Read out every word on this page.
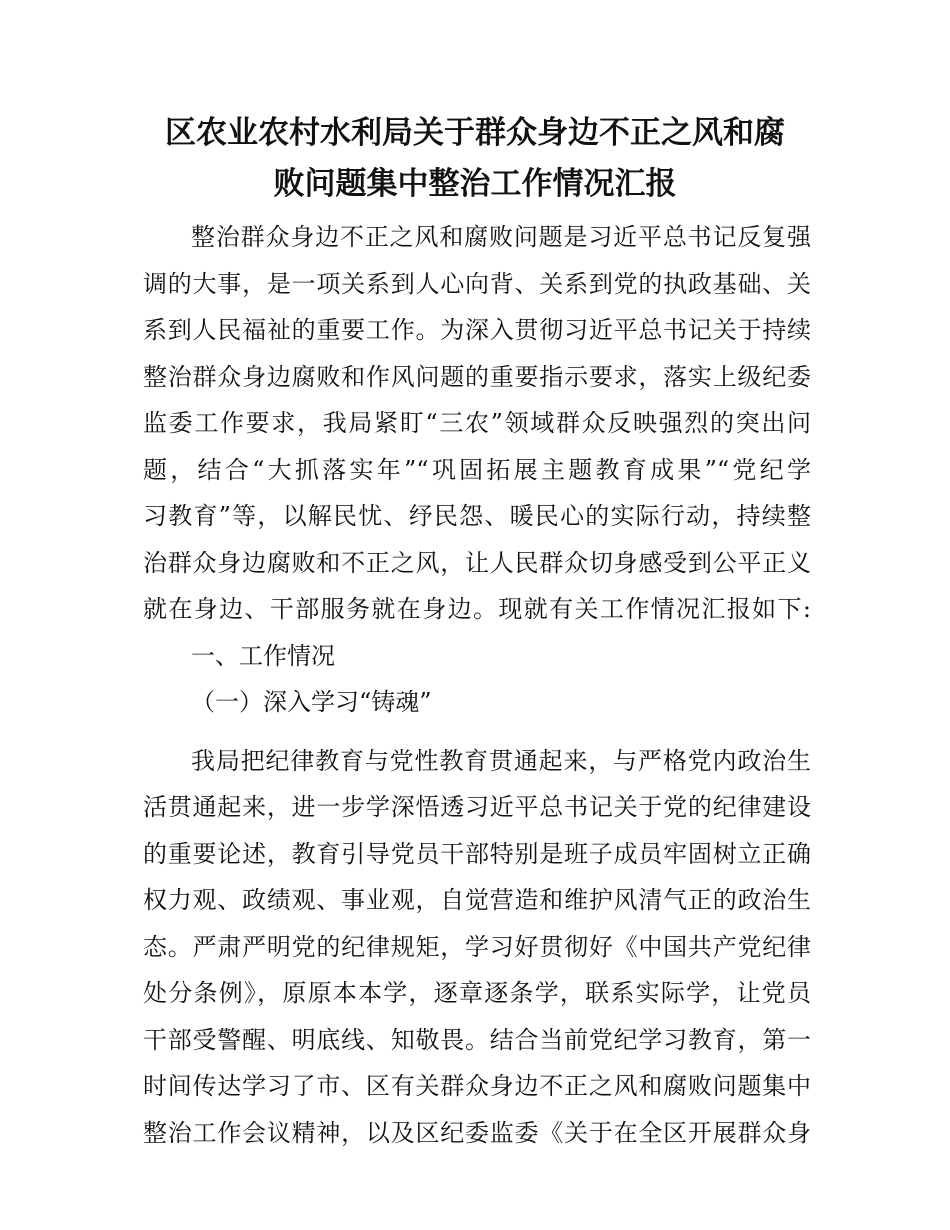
区农业农村水利局关于群众身边不正之风和腐
败问题集中整治工作情况汇报
整治群众身边不正之风和腐败问题是习近平总书记反复强
调的大事，是一项关系到人心向背、关系到党的执政基础、关
系到人民福祉的重要工作。为深入贯彻习近平总书记关于持续
整治群众身边腐败和作风问题的重要指示要求，落实上级纪委
监委工作要求，我局紧盯“三农”领域群众反映强烈的突出问
题，结合“大抓落实年”“巩固拓展主题教育成果”“党纪学
习教育”等，以解民忧、纾民怨、暖民心的实际行动，持续整
治群众身边腐败和不正之风，让人民群众切身感受到公平正义
就在身边、干部服务就在身边。现就有关工作情况汇报如下:
一、工作情况
（一）深入学习“铸魂”
我局把纪律教育与党性教育贯通起来，与严格党内政治生
活贯通起来，进一步学深悟透习近平总书记关于党的纪律建设
的重要论述，教育引导党员干部特别是班子成员牢固树立正确
权力观、政绩观、事业观，自觉营造和维护风清气正的政治生
态。严肃严明党的纪律规矩，学习好贯彻好《中国共产党纪律
处分条例》，原原本本学，逐章逐条学，联系实际学，让党员
干部受警醒、明底线、知敬畏。结合当前党纪学习教育，第一
时间传达学习了市、区有关群众身边不正之风和腐败问题集中
整治工作会议精神，以及区纪委监委《关于在全区开展群众身
